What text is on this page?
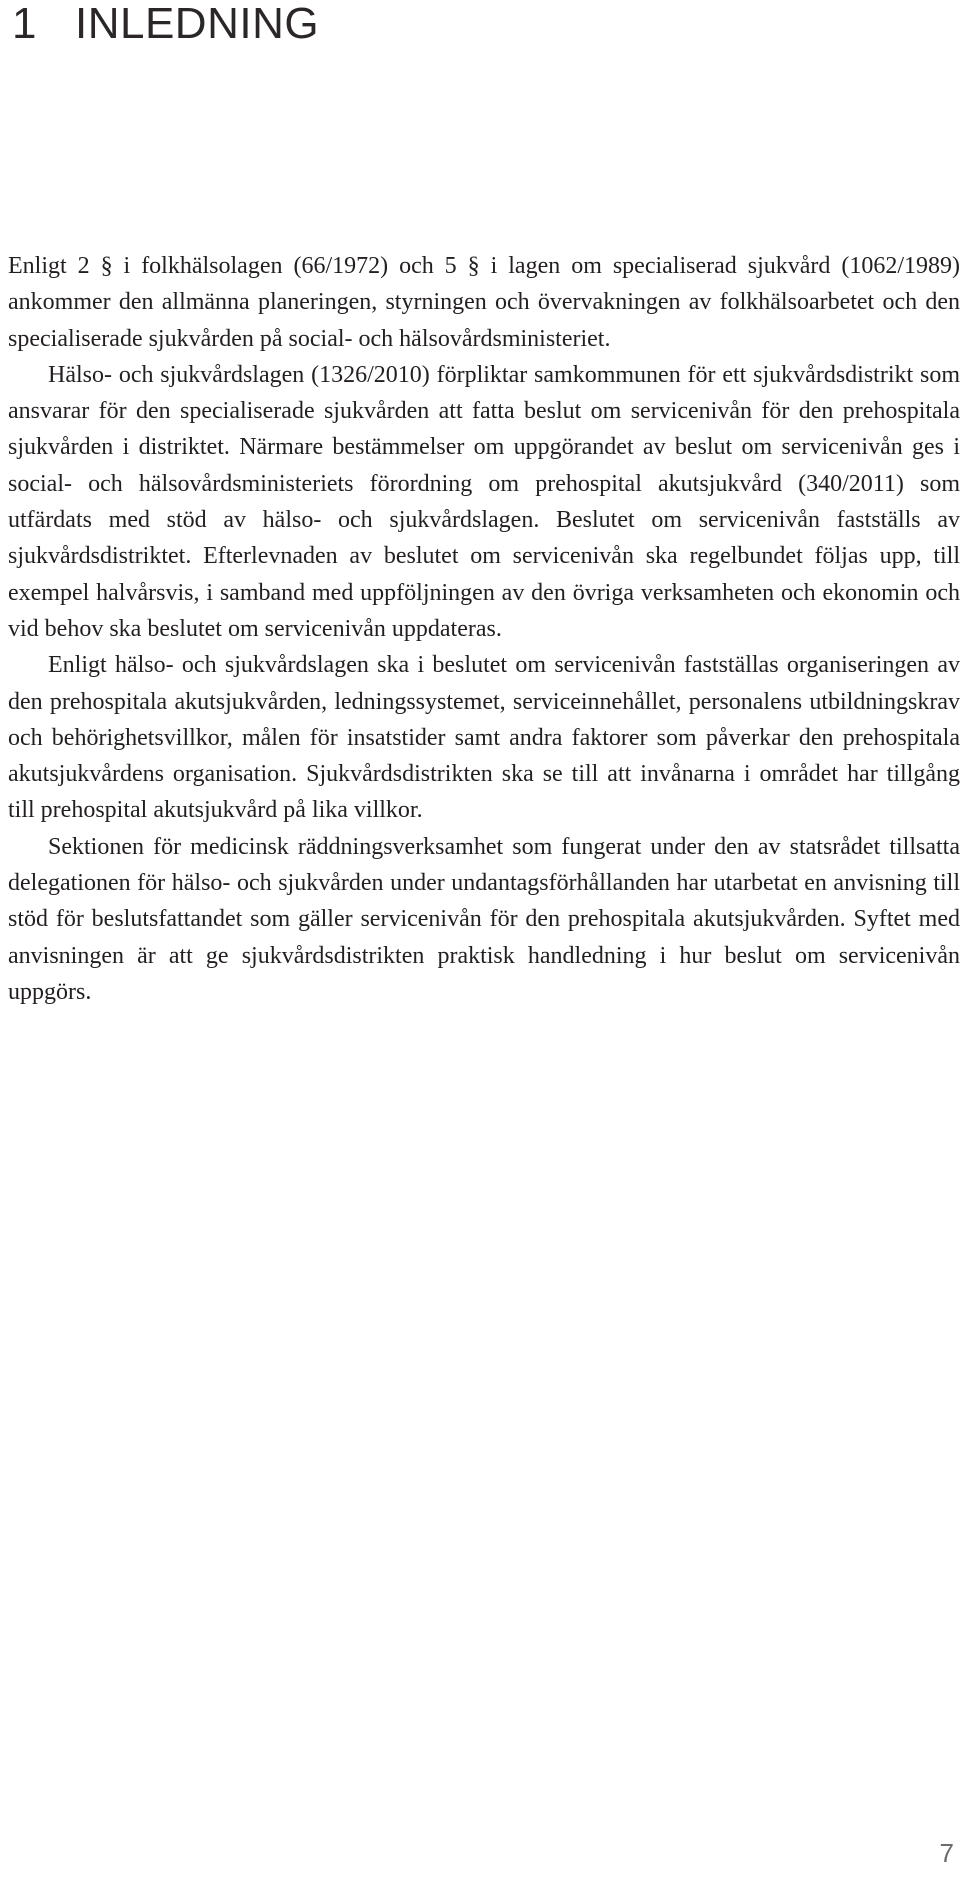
1 INLEDNING

Enligt 2 § i folkhälsolagen (66/1972) och 5 § i lagen om specialiserad sjukvård (1062/1989) ankommer den allmänna planeringen, styrningen och övervakningen av folkhälsoarbetet och den specialiserade sjukvården på social- och hälsovårdsministeriet.

Hälso- och sjukvårdslagen (1326/2010) förpliktar samkommunen för ett sjukvårdsdistrikt som ansvarar för den specialiserade sjukvården att fatta beslut om servicenivån för den prehospitala sjukvården i distriktet. Närmare bestämmelser om uppgörandet av beslut om servicenivån ges i social- och hälsovårdsministeriets förordning om prehospital akutsjukvård (340/2011) som utfärdats med stöd av hälso- och sjukvårdslagen. Beslutet om servicenivån fastställs av sjukvårdsdistriktet. Efterlevnaden av beslutet om servicenivån ska regelbundet följas upp, till exempel halvårsvis, i samband med uppföljningen av den övriga verksamheten och ekonomin och vid behov ska beslutet om servicenivån uppdateras.

Enligt hälso- och sjukvårdslagen ska i beslutet om servicenivån fastställas organiseringen av den prehospitala akutsjukvården, ledningssystemet, serviceinnehållet, personalens utbildningskrav och behörighetsvillkor, målen för insatstider samt andra faktorer som påverkar den prehospitala akutsjukvårdens organisation. Sjukvårdsdistrikten ska se till att invånarna i området har tillgång till prehospital akutsjukvård på lika villkor.

Sektionen för medicinsk räddningsverksamhet som fungerat under den av statsrådet tillsatta delegationen för hälso- och sjukvården under undantagsförhållanden har utarbetat en anvisning till stöd för beslutsfattandet som gäller servicenivån för den prehospitala akutsjukvården. Syftet med anvisningen är att ge sjukvårdsdistrikten praktisk handledning i hur beslut om servicenivån uppgörs.

7
